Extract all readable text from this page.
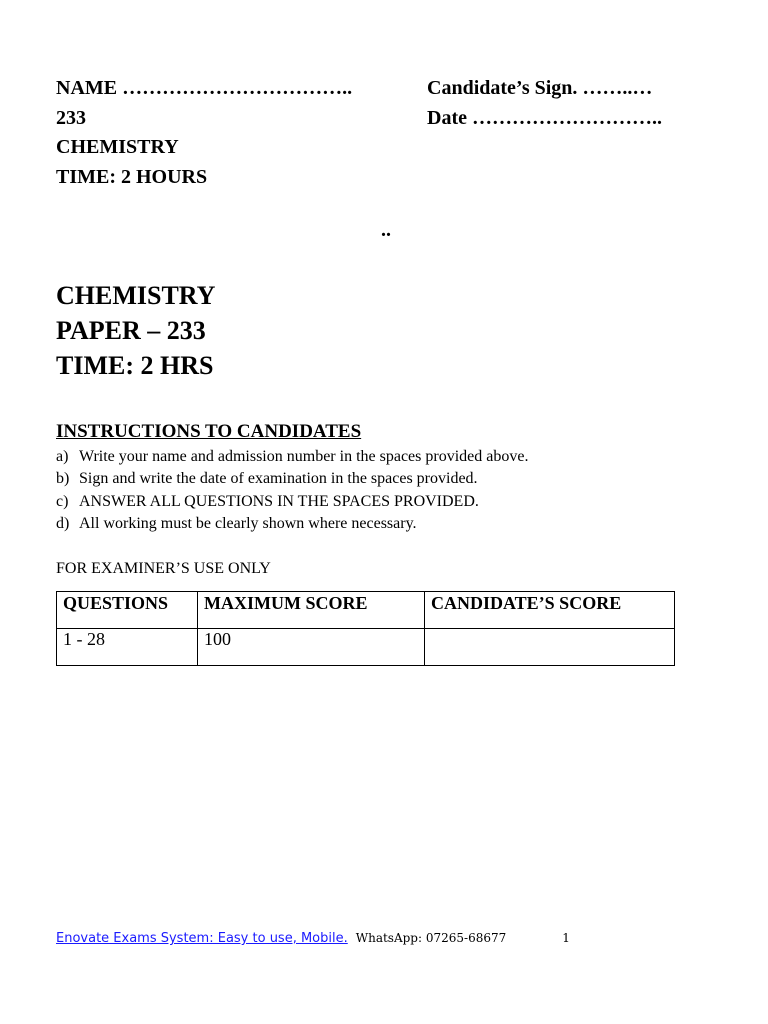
NAME ……………………………..
233
CHEMISTRY
TIME: 2 HOURS
Candidate’s Sign. ……..…
Date ………………………..
..
CHEMISTRY
PAPER – 233
TIME: 2 HRS
INSTRUCTIONS TO CANDIDATES
a) Write your name and admission number in the spaces provided above.
b) Sign and write the date of examination in the spaces provided.
c) ANSWER ALL QUESTIONS IN THE SPACES PROVIDED.
d) All working must be clearly shown where necessary.
FOR EXAMINER’S USE ONLY
QUESTIONS	MAXIMUM SCORE	CANDIDATE’S SCORE
1 - 28	100	
Enovate Exams System: Easy to use, Mobile. WhatsApp: 07265-68677	1
